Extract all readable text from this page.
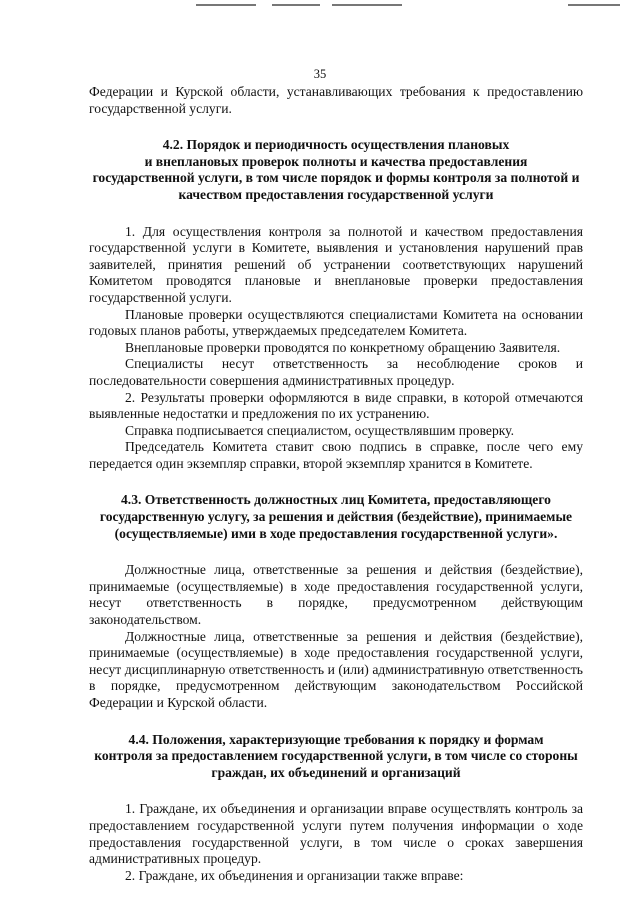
35

Федерации и Курской области, устанавливающих требования к предоставлению государственной услуги.

4.2. Порядок и периодичность осуществления плановых
и внеплановых проверок полноты и качества предоставления
государственной услуги, в том числе порядок и формы контроля за полнотой и
качеством предоставления государственной услуги

1. Для осуществления контроля за полнотой и качеством предоставления государственной услуги в Комитете, выявления и установления нарушений прав заявителей, принятия решений об устранении соответствующих нарушений Комитетом проводятся плановые и внеплановые проверки предоставления государственной услуги.

Плановые проверки осуществляются специалистами Комитета на основании годовых планов работы, утверждаемых председателем Комитета.

Внеплановые проверки проводятся по конкретному обращению Заявителя.

Специалисты несут ответственность за несоблюдение сроков и последовательности совершения административных процедур.

2. Результаты проверки оформляются в виде справки, в которой отмечаются выявленные недостатки и предложения по их устранению.

Справка подписывается специалистом, осуществлявшим проверку.

Председатель Комитета ставит свою подпись в справке, после чего ему передается один экземпляр справки, второй экземпляр хранится в Комитете.

4.3. Ответственность должностных лиц Комитета, предоставляющего
государственную услугу, за решения и действия (бездействие), принимаемые
(осуществляемые) ими в ходе предоставления государственной услуги».

Должностные лица, ответственные за решения и действия (бездействие), принимаемые (осуществляемые) в ходе предоставления государственной услуги, несут ответственность в порядке, предусмотренном действующим законодательством.

Должностные лица, ответственные за решения и действия (бездействие), принимаемые (осуществляемые) в ходе предоставления государственной услуги, несут дисциплинарную ответственность и (или) административную ответственность в порядке, предусмотренном действующим законодательством Российской Федерации и Курской области.

4.4. Положения, характеризующие требования к порядку и формам
контроля за предоставлением государственной услуги, в том числе со стороны
граждан, их объединений и организаций

1. Граждане, их объединения и организации вправе осуществлять контроль за предоставлением государственной услуги путем получения информации о ходе предоставления государственной услуги, в том числе о сроках завершения административных процедур.

2. Граждане, их объединения и организации также вправе:
